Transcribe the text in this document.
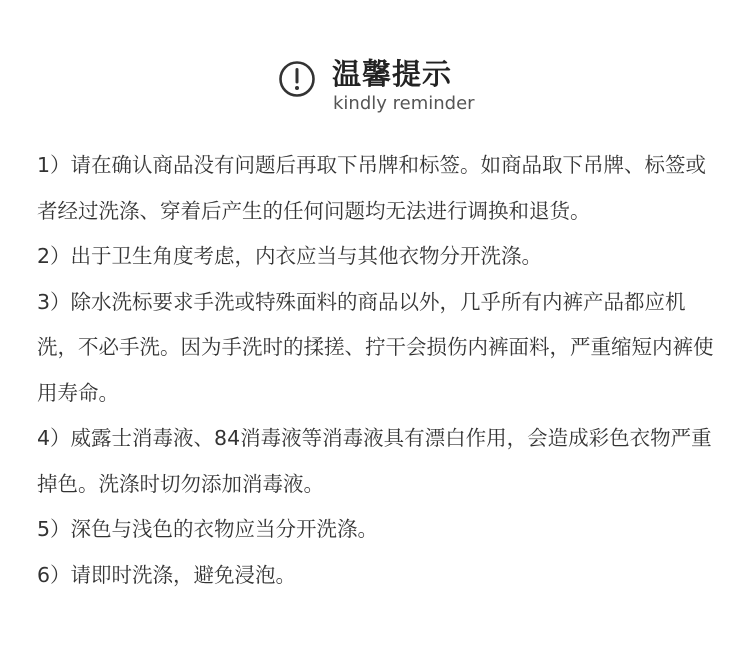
温馨提示
kindly reminder

1）请在确认商品没有问题后再取下吊牌和标签。如商品取下吊牌、标签或者经过洗涤、穿着后产生的任何问题均无法进行调换和退货。

2）出于卫生角度考虑，内衣应当与其他衣物分开洗涤。

3）除水洗标要求手洗或特殊面料的商品以外，几乎所有内裤产品都应机洗，不必手洗。因为手洗时的揉搓、拧干会损伤内裤面料，严重缩短内裤使用寿命。

4）威露士消毒液、84消毒液等消毒液具有漂白作用，会造成彩色衣物严重掉色。洗涤时切勿添加消毒液。

5）深色与浅色的衣物应当分开洗涤。

6）请即时洗涤，避免浸泡。
